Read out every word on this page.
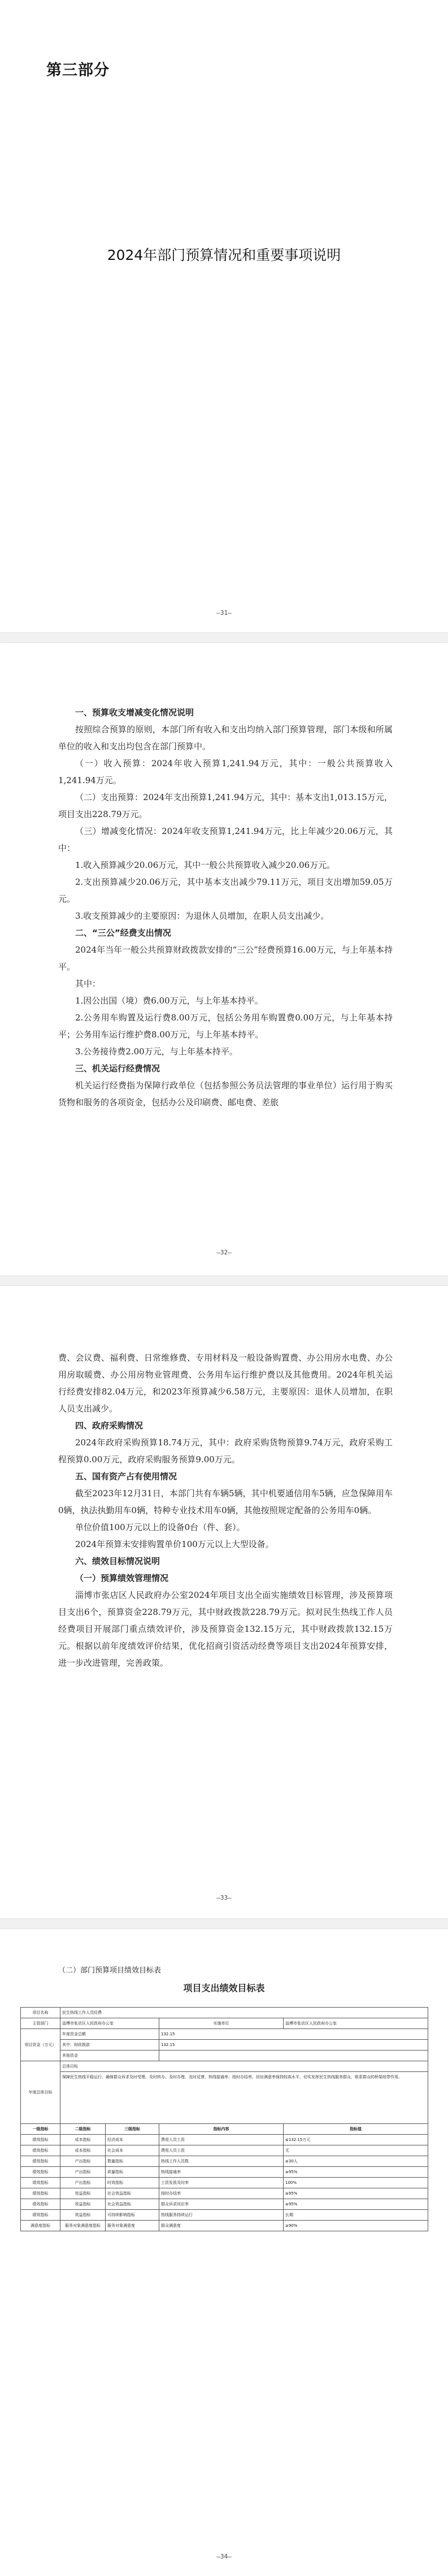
第三部分
2024年部门预算情况和重要事项说明
—31—
一、预算收支增减变化情况说明

按照综合预算的原则，本部门所有收入和支出均纳入部门预算管理，部门本级和所属单位的收入和支出均包含在部门预算中。

（一）收入预算：2024年收入预算1,241.94万元，其中：一般公共预算收入1,241.94万元。

（二）支出预算：2024年支出预算1,241.94万元，其中：基本支出1,013.15万元，项目支出228.79万元。

（三）增减变化情况：2024年收支预算1,241.94万元，比上年减少20.06万元，其中：

1.收入预算减少20.06万元，其中一般公共预算收入减少20.06万元。

2.支出预算减少20.06万元，其中基本支出减少79.11万元，项目支出增加59.05万元。

3.收支预算减少的主要原因：为退休人员增加，在职人员支出减少。

二、“三公”经费支出情况

2024年当年一般公共预算财政拨款安排的“三公”经费预算16.00万元，与上年基本持平。

其中：

1.因公出国（境）费6.00万元，与上年基本持平。

2.公务用车购置及运行费8.00万元，包括公务用车购置费0.00万元，与上年基本持平；公务用车运行维护费8.00万元，与上年基本持平。

3.公务接待费2.00万元，与上年基本持平。

三、机关运行经费情况

机关运行经费指为保障行政单位（包括参照公务员法管理的事业单位）运行用于购买货物和服务的各项资金，包括办公及印刷费、邮电费、差旅

—32—

费、会议费、福利费、日常维修费、专用材料及一般设备购置费、办公用房水电费、办公用房取暖费、办公用房物业管理费、公务用车运行维护费以及其他费用。2024年机关运行经费安排82.04万元，和2023年预算减少6.58万元，主要原因：退休人员增加，在职人员支出减少。

四、政府采购情况

2024年政府采购预算18.74万元，其中：政府采购货物预算9.74万元，政府采购工程预算0.00万元，政府采购服务预算9.00万元。

五、国有资产占有使用情况

截至2023年12月31日，本部门共有车辆5辆，其中机要通信用车5辆，应急保障用车0辆，执法执勤用车0辆，特种专业技术用车0辆，其他按照规定配备的公务用车0辆。

单位价值100万元以上的设备0台（件、套）。

2024年预算未安排购置单价100万元以上大型设备。

六、绩效目标情况说明
（一）预算绩效管理情况

淄博市张店区人民政府办公室2024年项目支出全面实施绩效目标管理，涉及预算项目支出6个，预算资金228.79万元，其中财政拨款228.79万元。拟对民生热线工作人员经费项目开展部门重点绩效评价，涉及预算资金132.15万元，其中财政拨款132.15万元。根据以前年度绩效评价结果，优化招商引资活动经费等项目支出2024年预算安排，进一步改进管理，完善政策。

—33—
（二）部门预算项目绩效目标表
项目支出绩效目标表
项目名称	民生热线工作人员经费			
主管部门	淄博市张店区人民政府办公室		实施单位	淄博市张店区人民政府办公室
项目资金（万元）	年度资金总额		132.15	
	其中：财政拨款		132.15	
	其他资金			
年度总体目标	总体目标			
	保障民生热线平稳运行，确保群众诉求及时受理、及时转办、及时办理、及时反馈，热线接通率、按时办结率、回访满意率保持较高水平，切实发挥民生热线服务群众、联系群众的桥梁纽带作用。			
一级指标	二级指标	三级指标	指标内容	指标值
绩效指标	成本指标	经济成本	费用人员工资	≤132.15万元
绩效指标	成本指标	社会成本	费用人员工资	无
绩效指标	产出指标	数量指标	热线工作人员数	≥30人
绩效指标	产出指标	质量指标	热线接通率	≥95%
绩效指标	产出指标	时效指标	工资发放及时率	100%
绩效指标	效益指标	社会效益指标	按时办结率	≥95%
绩效指标	效益指标	社会效益指标	群众诉求回应率	≥95%
绩效指标	效益指标	可持续影响指标	热线服务持续运行	长期
满意度指标	服务对象满意度指标	服务对象满意度	群众满意度	≥90%
—34—
